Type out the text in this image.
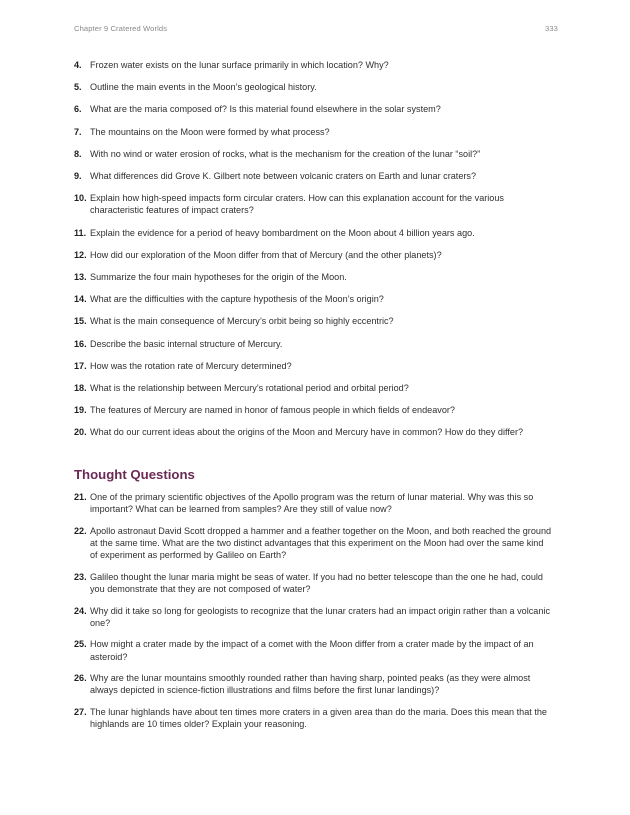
Chapter 9 Cratered Worlds	333
4. Frozen water exists on the lunar surface primarily in which location? Why?
5. Outline the main events in the Moon’s geological history.
6. What are the maria composed of? Is this material found elsewhere in the solar system?
7. The mountains on the Moon were formed by what process?
8. With no wind or water erosion of rocks, what is the mechanism for the creation of the lunar “soil?”
9. What differences did Grove K. Gilbert note between volcanic craters on Earth and lunar craters?
10. Explain how high-speed impacts form circular craters. How can this explanation account for the various characteristic features of impact craters?
11. Explain the evidence for a period of heavy bombardment on the Moon about 4 billion years ago.
12. How did our exploration of the Moon differ from that of Mercury (and the other planets)?
13. Summarize the four main hypotheses for the origin of the Moon.
14. What are the difficulties with the capture hypothesis of the Moon’s origin?
15. What is the main consequence of Mercury’s orbit being so highly eccentric?
16. Describe the basic internal structure of Mercury.
17. How was the rotation rate of Mercury determined?
18. What is the relationship between Mercury’s rotational period and orbital period?
19. The features of Mercury are named in honor of famous people in which fields of endeavor?
20. What do our current ideas about the origins of the Moon and Mercury have in common? How do they differ?
Thought Questions
21. One of the primary scientific objectives of the Apollo program was the return of lunar material. Why was this so important? What can be learned from samples? Are they still of value now?
22. Apollo astronaut David Scott dropped a hammer and a feather together on the Moon, and both reached the ground at the same time. What are the two distinct advantages that this experiment on the Moon had over the same kind of experiment as performed by Galileo on Earth?
23. Galileo thought the lunar maria might be seas of water. If you had no better telescope than the one he had, could you demonstrate that they are not composed of water?
24. Why did it take so long for geologists to recognize that the lunar craters had an impact origin rather than a volcanic one?
25. How might a crater made by the impact of a comet with the Moon differ from a crater made by the impact of an asteroid?
26. Why are the lunar mountains smoothly rounded rather than having sharp, pointed peaks (as they were almost always depicted in science-fiction illustrations and films before the first lunar landings)?
27. The lunar highlands have about ten times more craters in a given area than do the maria. Does this mean that the highlands are 10 times older? Explain your reasoning.
